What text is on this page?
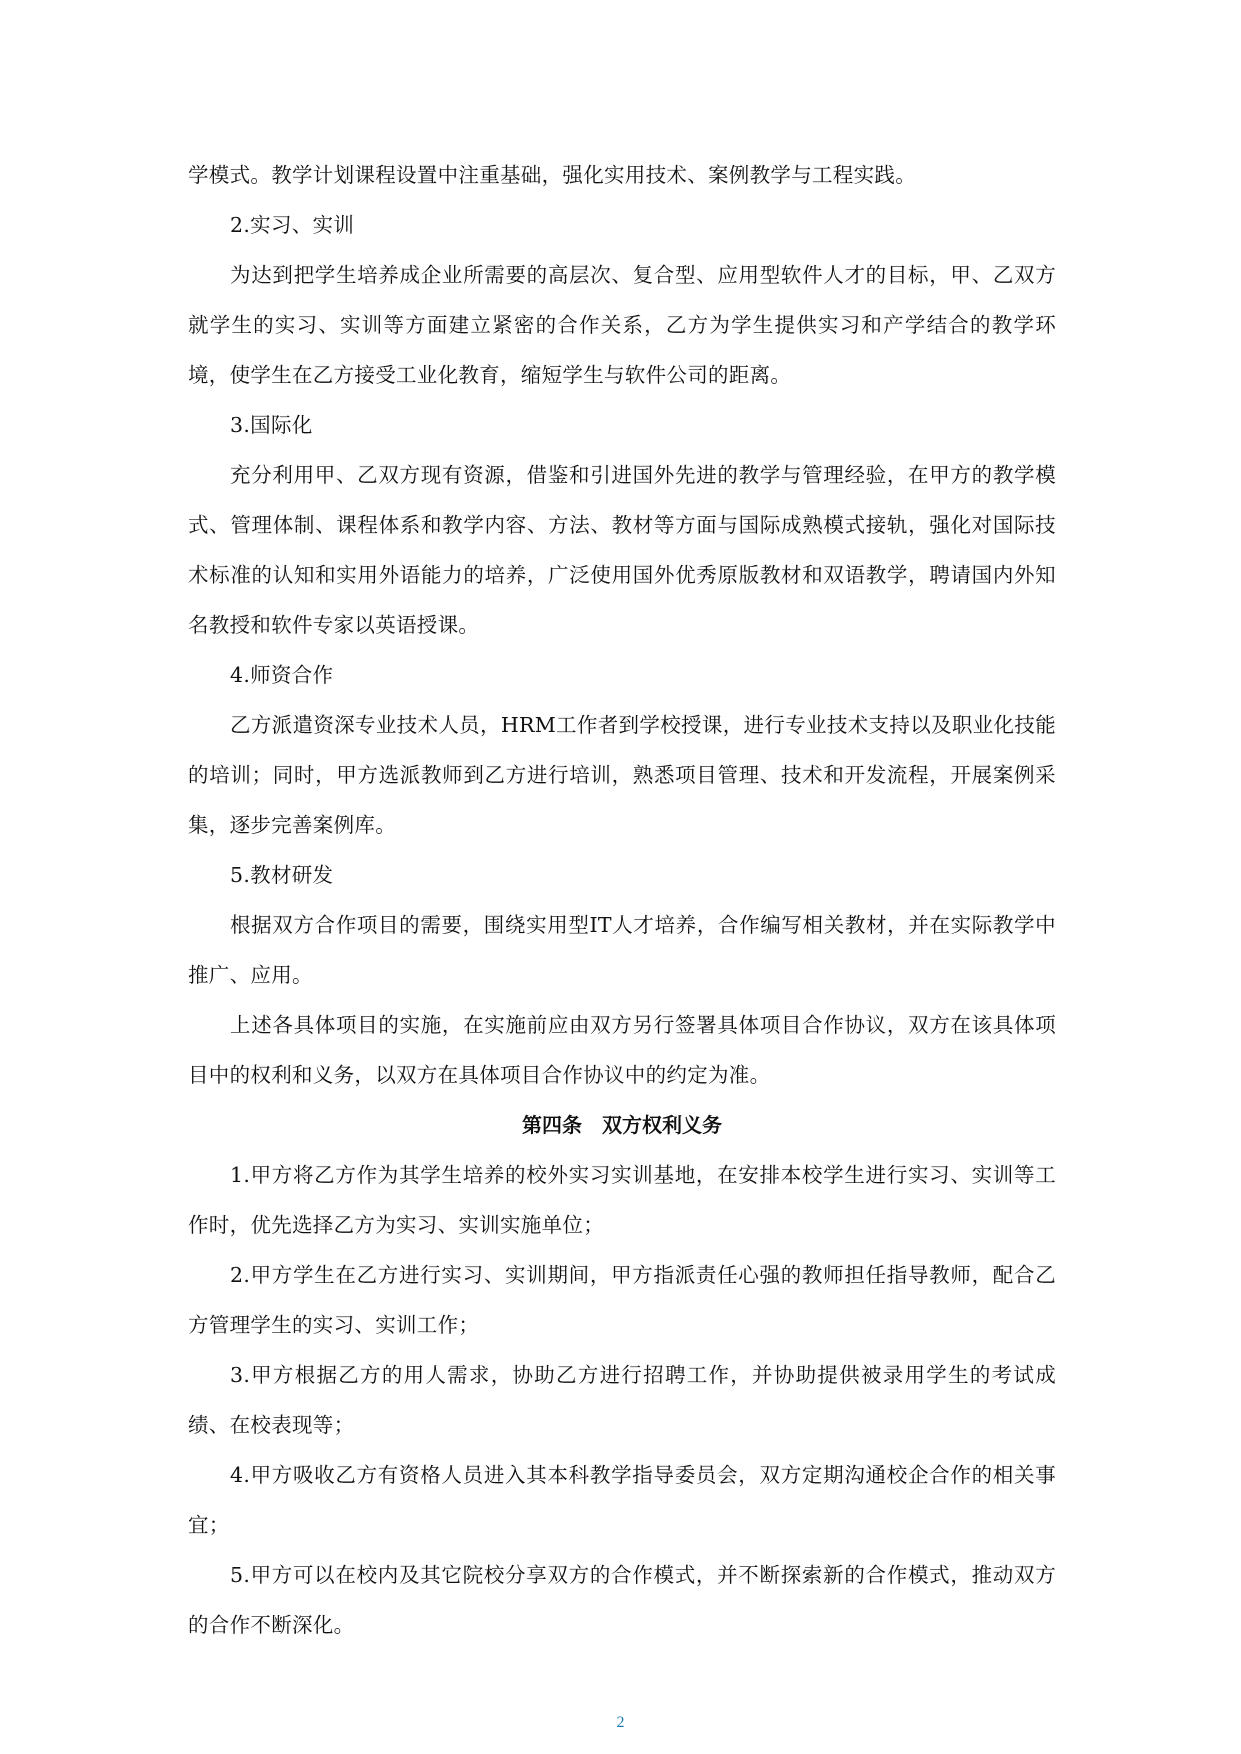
学模式。教学计划课程设置中注重基础，强化实用技术、案例教学与工程实践。

2.实习、实训

为达到把学生培养成企业所需要的高层次、复合型、应用型软件人才的目标，甲、乙双方就学生的实习、实训等方面建立紧密的合作关系，乙方为学生提供实习和产学结合的教学环境，使学生在乙方接受工业化教育，缩短学生与软件公司的距离。

3.国际化

充分利用甲、乙双方现有资源，借鉴和引进国外先进的教学与管理经验，在甲方的教学模式、管理体制、课程体系和教学内容、方法、教材等方面与国际成熟模式接轨，强化对国际技术标准的认知和实用外语能力的培养，广泛使用国外优秀原版教材和双语教学，聘请国内外知名教授和软件专家以英语授课。

4.师资合作

乙方派遣资深专业技术人员，HRM工作者到学校授课，进行专业技术支持以及职业化技能的培训；同时，甲方选派教师到乙方进行培训，熟悉项目管理、技术和开发流程，开展案例采集，逐步完善案例库。

5.教材研发

根据双方合作项目的需要，围绕实用型IT人才培养，合作编写相关教材，并在实际教学中推广、应用。

上述各具体项目的实施，在实施前应由双方另行签署具体项目合作协议，双方在该具体项目中的权利和义务，以双方在具体项目合作协议中的约定为准。

第四条　双方权利义务

1.甲方将乙方作为其学生培养的校外实习实训基地，在安排本校学生进行实习、实训等工作时，优先选择乙方为实习、实训实施单位；

2.甲方学生在乙方进行实习、实训期间，甲方指派责任心强的教师担任指导教师，配合乙方管理学生的实习、实训工作；

3.甲方根据乙方的用人需求，协助乙方进行招聘工作，并协助提供被录用学生的考试成绩、在校表现等；

4.甲方吸收乙方有资格人员进入其本科教学指导委员会，双方定期沟通校企合作的相关事宜；

5.甲方可以在校内及其它院校分享双方的合作模式，并不断探索新的合作模式，推动双方的合作不断深化。

2
